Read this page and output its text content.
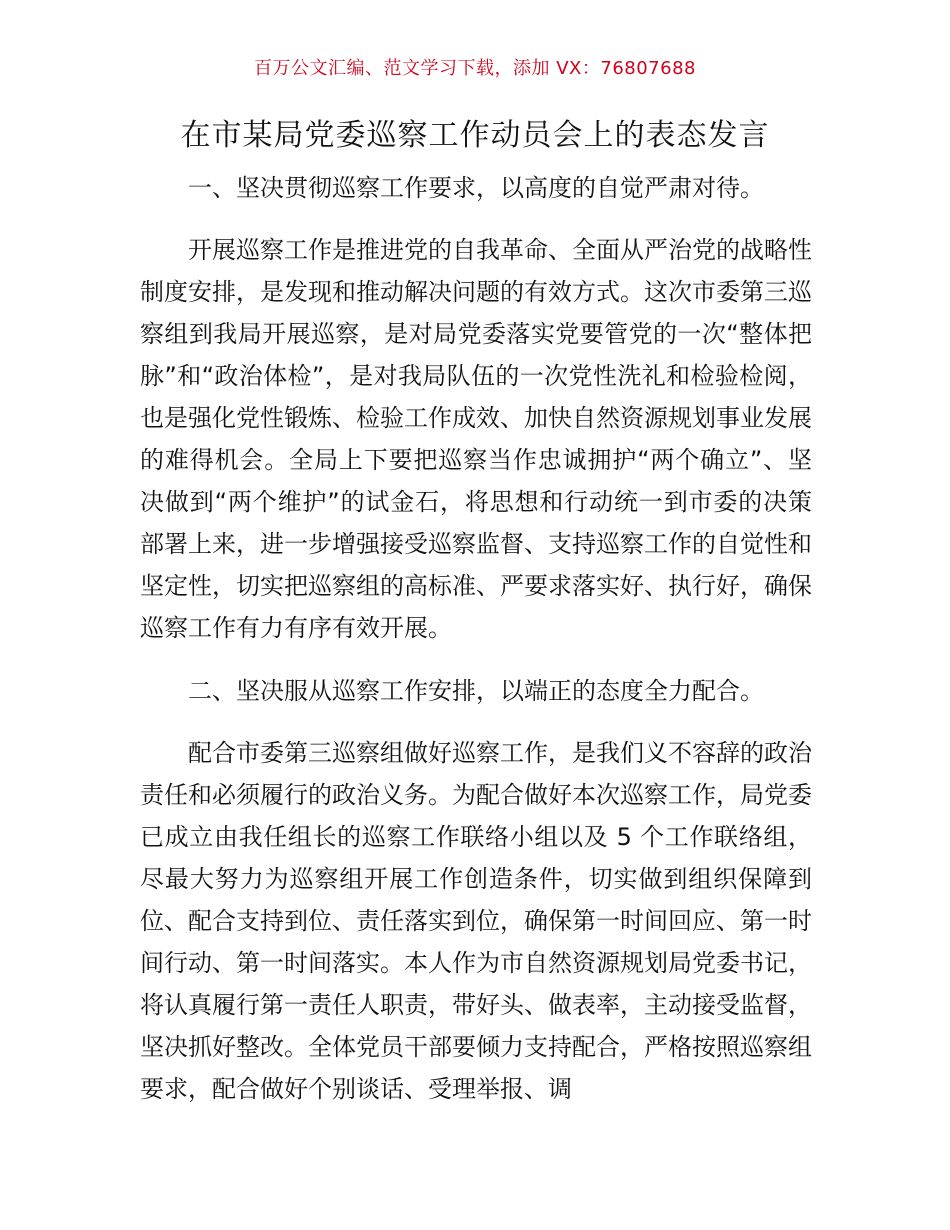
百万公文汇编、范文学习下载，添加 VX：76807688
在市某局党委巡察工作动员会上的表态发言

一、坚决贯彻巡察工作要求，以高度的自觉严肃对待。

开展巡察工作是推进党的自我革命、全面从严治党的战略性制度安排，是发现和推动解决问题的有效方式。这次市委第三巡察组到我局开展巡察，是对局党委落实党要管党的一次“整体把脉”和“政治体检”，是对我局队伍的一次党性洗礼和检验检阅，也是强化党性锻炼、检验工作成效、加快自然资源规划事业发展的难得机会。全局上下要把巡察当作忠诚拥护“两个确立”、坚决做到“两个维护”的试金石，将思想和行动统一到市委的决策部署上来，进一步增强接受巡察监督、支持巡察工作的自觉性和坚定性，切实把巡察组的高标准、严要求落实好、执行好，确保巡察工作有力有序有效开展。

二、坚决服从巡察工作安排，以端正的态度全力配合。

配合市委第三巡察组做好巡察工作，是我们义不容辞的政治责任和必须履行的政治义务。为配合做好本次巡察工作，局党委已成立由我任组长的巡察工作联络小组以及 5 个工作联络组，尽最大努力为巡察组开展工作创造条件，切实做到组织保障到位、配合支持到位、责任落实到位，确保第一时间回应、第一时间行动、第一时间落实。本人作为市自然资源规划局党委书记，将认真履行第一责任人职责，带好头、做表率，主动接受监督，坚决抓好整改。全体党员干部要倾力支持配合，严格按照巡察组要求，配合做好个别谈话、受理举报、调
